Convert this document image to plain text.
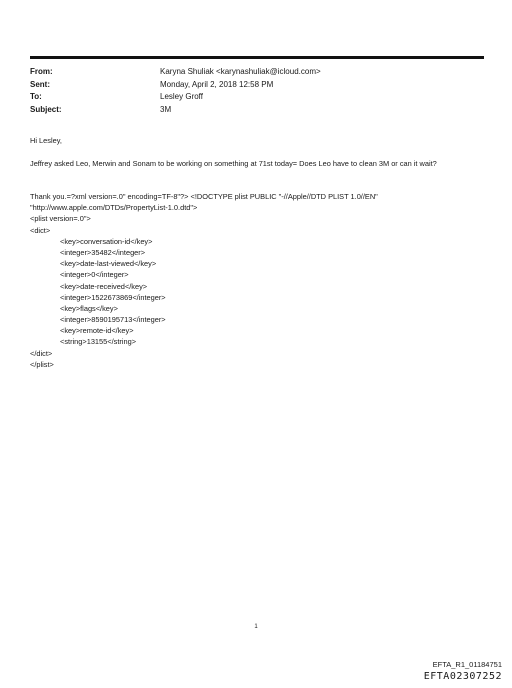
From:	Karyna Shuliak <karynashuliak@icloud.com>
Sent:	Monday, April 2, 2018 12:58 PM
To:	Lesley Groff
Subject:	3M
Hi Lesley,
Jeffrey asked Leo, Merwin and Sonam to be working on something at 71st today= Does Leo have to clean 3M or can it wait?
Thank you.=?xml version=.0" encoding=TF-8"?> <!DOCTYPE plist PUBLIC "-//Apple//DTD PLIST 1.0//EN"
"http://www.apple.com/DTDs/PropertyList-1.0.dtd">
<plist version=.0">
<dict>
<key>conversation-id</key>
<integer>35482</integer>
<key>date-last-viewed</key>
<integer>0</integer>
<key>date-received</key>
<integer>1522673869</integer>
<key>flags</key>
<integer>8590195713</integer>
<key>remote-id</key>
<string>13155</string>
</dict>
</plist>
1
EFTA_R1_01184751
EFTA02307252
